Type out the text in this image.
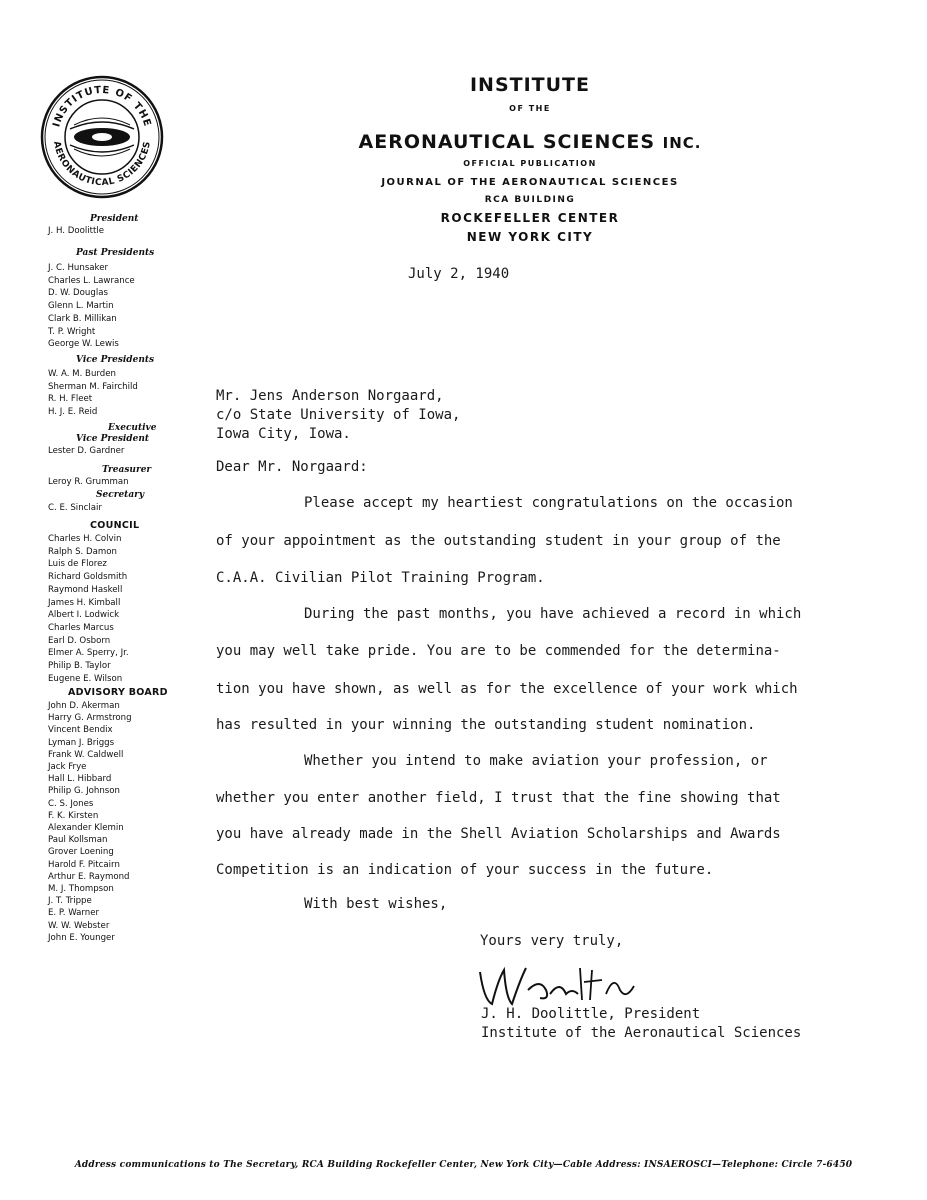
INSTITUTE OF THE
AERONAUTICAL SCIENCES
INSTITUTE
OF THE
AERONAUTICAL SCIENCES INC.
OFFICIAL PUBLICATION
JOURNAL OF THE AERONAUTICAL SCIENCES
RCA BUILDING
ROCKEFELLER CENTER
NEW YORK CITY
President
J. H. Doolittle
Past Presidents
J. C. Hunsaker
Charles L. Lawrance
D. W. Douglas
Glenn L. Martin
Clark B. Millikan
T. P. Wright
George W. Lewis
Vice Presidents
W. A. M. Burden
Sherman M. Fairchild
R. H. Fleet
H. J. E. Reid
Executive
Vice President
Lester D. Gardner
Treasurer
Leroy R. Grumman
Secretary
C. E. Sinclair
COUNCIL
Charles H. Colvin
Ralph S. Damon
Luis de Florez
Richard Goldsmith
Raymond Haskell
James H. Kimball
Albert I. Lodwick
Charles Marcus
Earl D. Osborn
Elmer A. Sperry, Jr.
Philip B. Taylor
Eugene E. Wilson
ADVISORY BOARD
John D. Akerman
Harry G. Armstrong
Vincent Bendix
Lyman J. Briggs
Frank W. Caldwell
Jack Frye
Hall L. Hibbard
Philip G. Johnson
C. S. Jones
F. K. Kirsten
Alexander Klemin
Paul Kollsman
Grover Loening
Harold F. Pitcairn
Arthur E. Raymond
M. J. Thompson
J. T. Trippe
E. P. Warner
W. W. Webster
John E. Younger
July 2, 1940
Mr. Jens Anderson Norgaard,
c/o State University of Iowa,
Iowa City, Iowa.
Dear Mr. Norgaard:
Please accept my heartiest congratulations on the occasion
of your appointment as the outstanding student in your group of the
C.A.A. Civilian Pilot Training Program.
During the past months, you have achieved a record in which
you may well take pride. You are to be commended for the determina-
tion you have shown, as well as for the excellence of your work which
has resulted in your winning the outstanding student nomination.
Whether you intend to make aviation your profession, or
whether you enter another field, I trust that the fine showing that
you have already made in the Shell Aviation Scholarships and Awards
Competition is an indication of your success in the future.
With best wishes,
Yours very truly,
J. H. Doolittle, President
Institute of the Aeronautical Sciences
Address communications to The Secretary, RCA Building Rockefeller Center, New York City—Cable Address: INSAEROSCI—Telephone: Circle 7-6450
